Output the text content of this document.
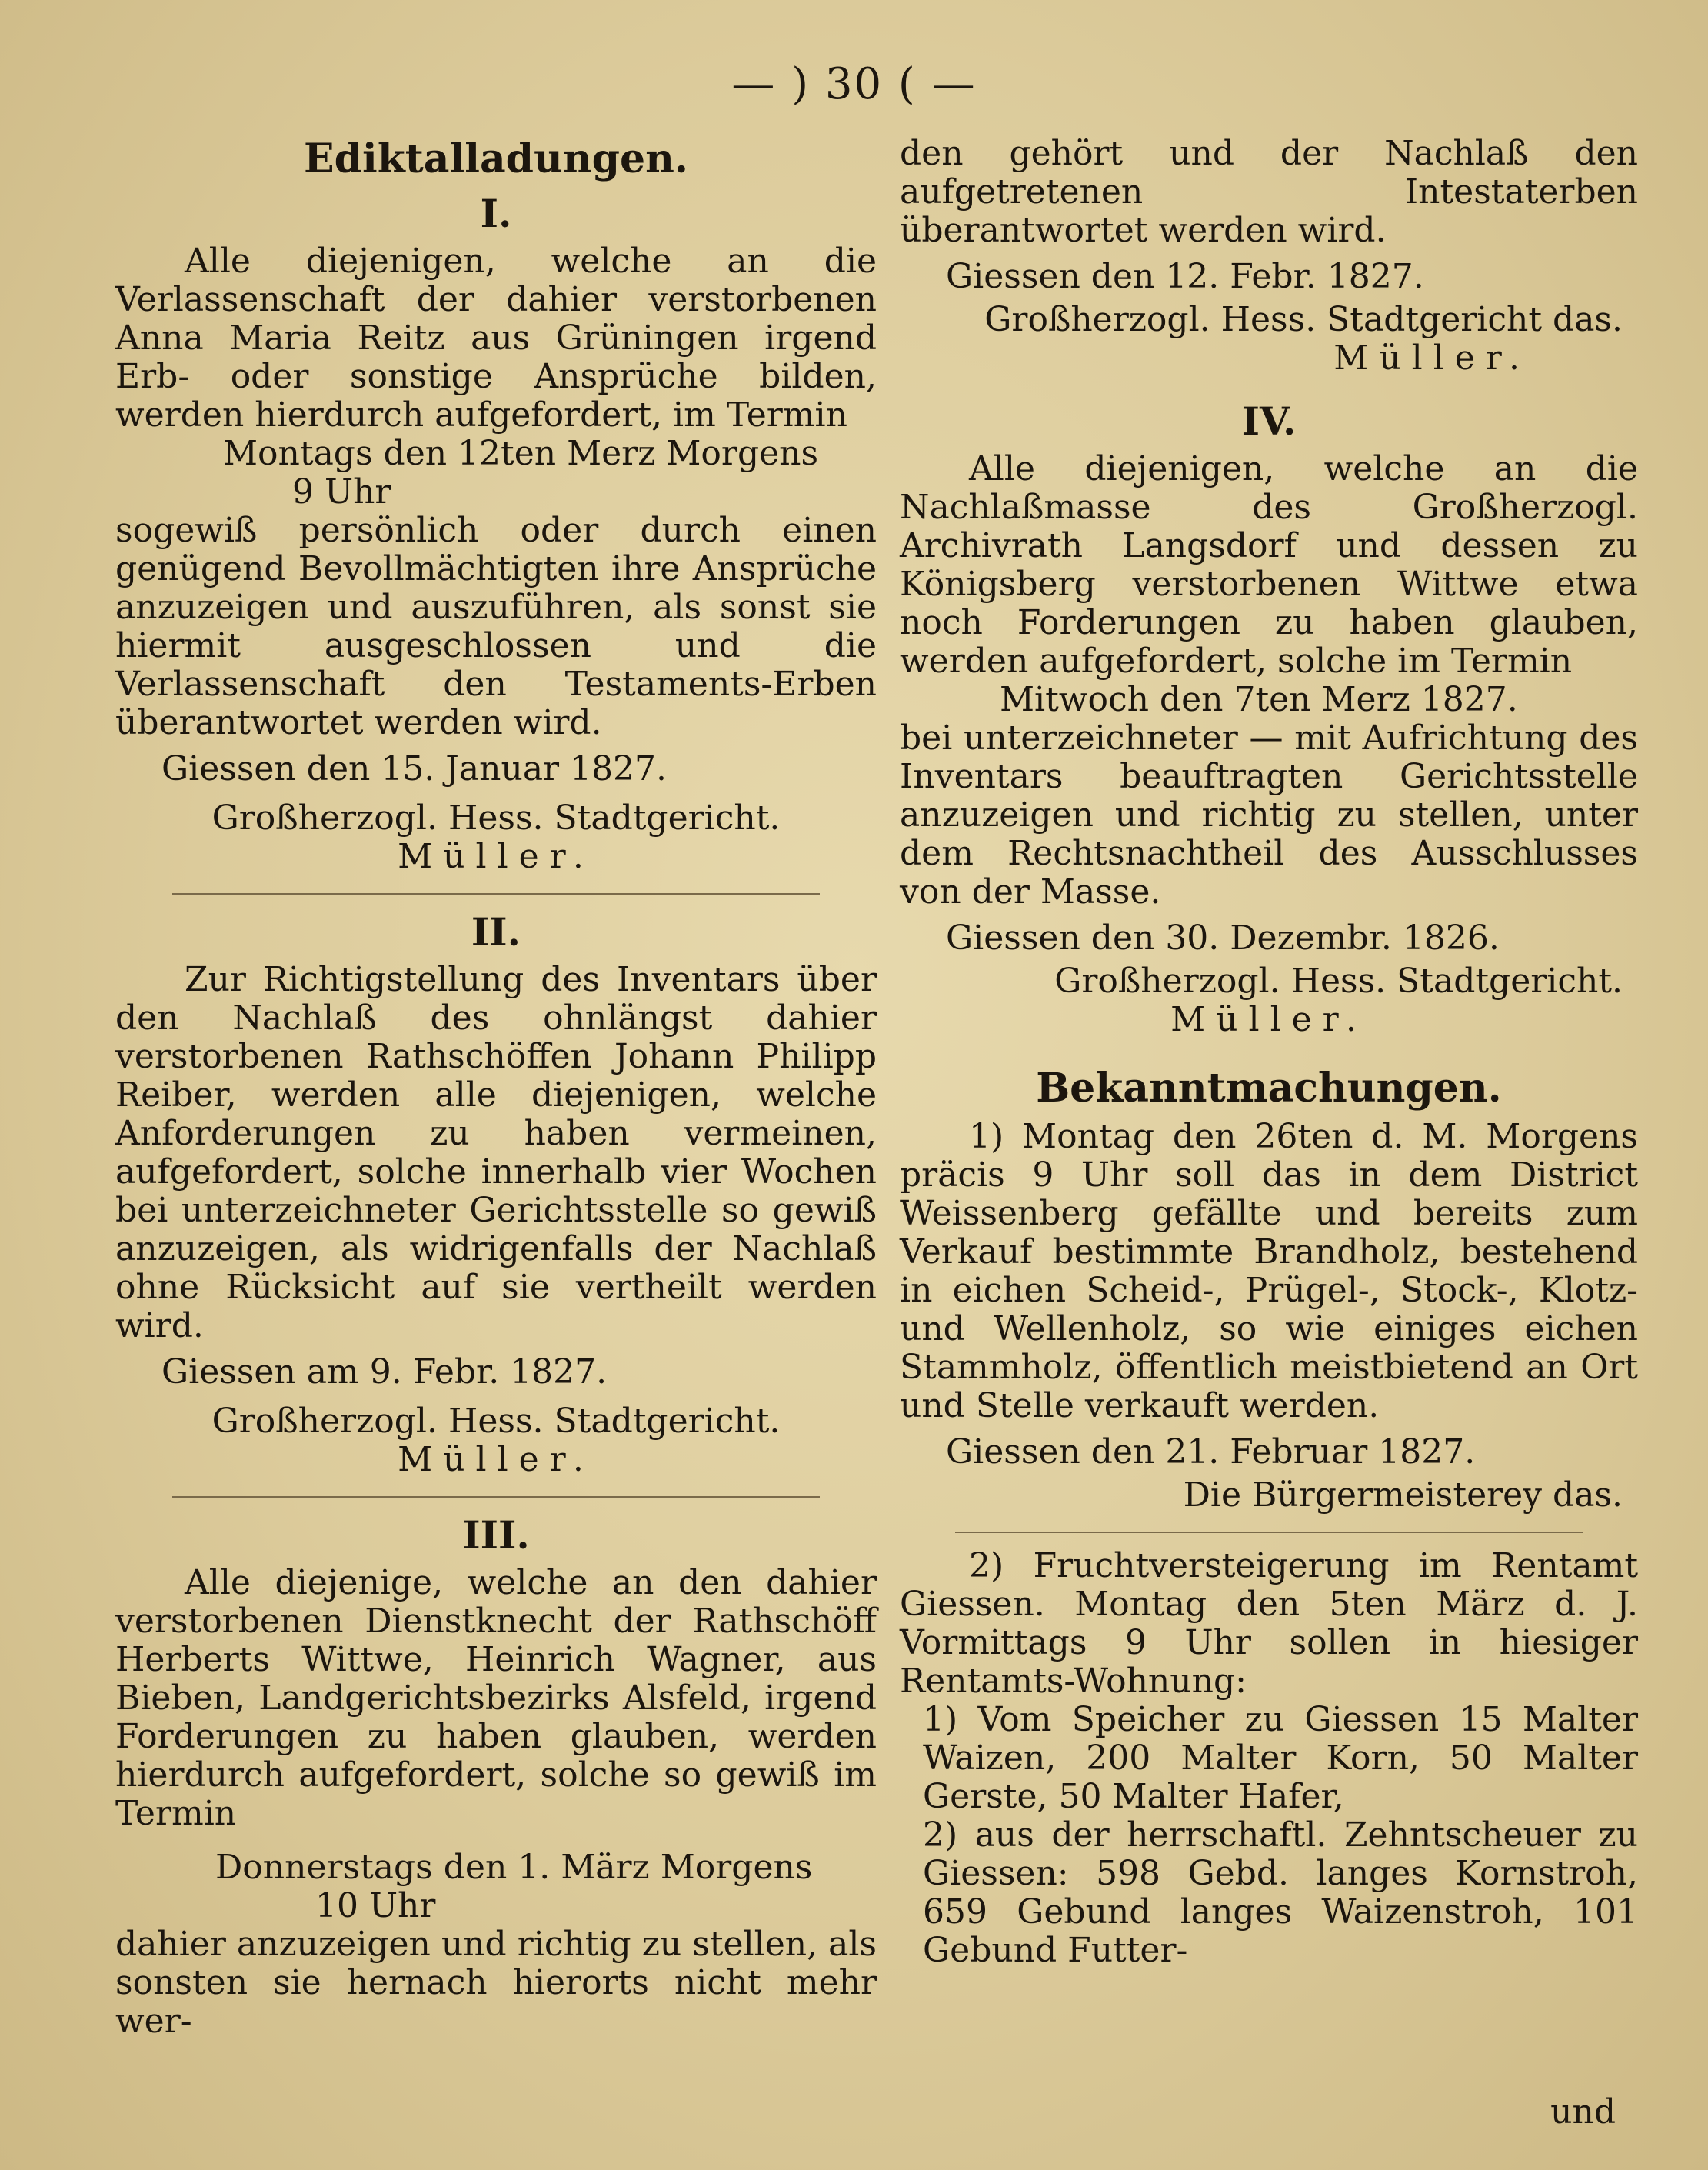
— ) 30 ( —

Ediktalladungen.

I.

Alle diejenigen, welche an die Verlassenschaft der dahier verstorbenen Anna Maria Reitz aus Grüningen irgend Erb- oder sonstige Ansprüche bilden, werden hierdurch aufgefordert, im Termin

Montags den 12ten Merz Morgens

9 Uhr

sogewiß persönlich oder durch einen genügend Bevollmächtigten ihre Ansprüche anzuzeigen und auszuführen, als sonst sie hiermit ausgeschlossen und die Verlassenschaft den Testaments-Erben überantwortet werden wird.

Giessen den 15. Januar 1827.

Großherzogl. Hess. Stadtgericht.

Müller.

II.

Zur Richtigstellung des Inventars über den Nachlaß des ohnlängst dahier verstorbenen Rathschöffen Johann Philipp Reiber, werden alle diejenigen, welche Anforderungen zu haben vermeinen, aufgefordert, solche innerhalb vier Wochen bei unterzeichneter Gerichtsstelle so gewiß anzuzeigen, als widrigenfalls der Nachlaß ohne Rücksicht auf sie vertheilt werden wird.

Giessen am 9. Febr. 1827.

Großherzogl. Hess. Stadtgericht.

Müller.

III.

Alle diejenige, welche an den dahier verstorbenen Dienstknecht der Rathschöff Herberts Wittwe, Heinrich Wagner, aus Bieben, Landgerichtsbezirks Alsfeld, irgend Forderungen zu haben glauben, werden hierdurch aufgefordert, solche so gewiß im Termin

Donnerstags den 1. März Morgens

10 Uhr

dahier anzuzeigen und richtig zu stellen, als sonsten sie hernach hierorts nicht mehr wer-

den gehört und der Nachlaß den aufgetretenen Intestaterben überantwortet werden wird.

Giessen den 12. Febr. 1827.

Großherzogl. Hess. Stadtgericht das.

Müller.

IV.

Alle diejenigen, welche an die Nachlaßmasse des Großherzogl. Archivrath Langsdorf und dessen zu Königsberg verstorbenen Wittwe etwa noch Forderungen zu haben glauben, werden aufgefordert, solche im Termin

Mitwoch den 7ten Merz 1827.

bei unterzeichneter — mit Aufrichtung des Inventars beauftragten Gerichtsstelle anzuzeigen und richtig zu stellen, unter dem Rechtsnachtheil des Ausschlusses von der Masse.

Giessen den 30. Dezembr. 1826.

Großherzogl. Hess. Stadtgericht.

Müller.

Bekanntmachungen.

1) Montag den 26ten d. M. Morgens präcis 9 Uhr soll das in dem District Weissenberg gefällte und bereits zum Verkauf bestimmte Brandholz, bestehend in eichen Scheid-, Prügel-, Stock-, Klotz- und Wellenholz, so wie einiges eichen Stammholz, öffentlich meistbietend an Ort und Stelle verkauft werden.

Giessen den 21. Februar 1827.

Die Bürgermeisterey das.

2) Fruchtversteigerung im Rentamt Giessen. Montag den 5ten März d. J. Vormittags 9 Uhr sollen in hiesiger Rentamts-Wohnung:

1) Vom Speicher zu Giessen 15 Malter Waizen, 200 Malter Korn, 50 Malter Gerste, 50 Malter Hafer,

2) aus der herrschaftl. Zehntscheuer zu Giessen: 598 Gebd. langes Kornstroh, 659 Gebund langes Waizenstroh, 101 Gebund Futter-

und
